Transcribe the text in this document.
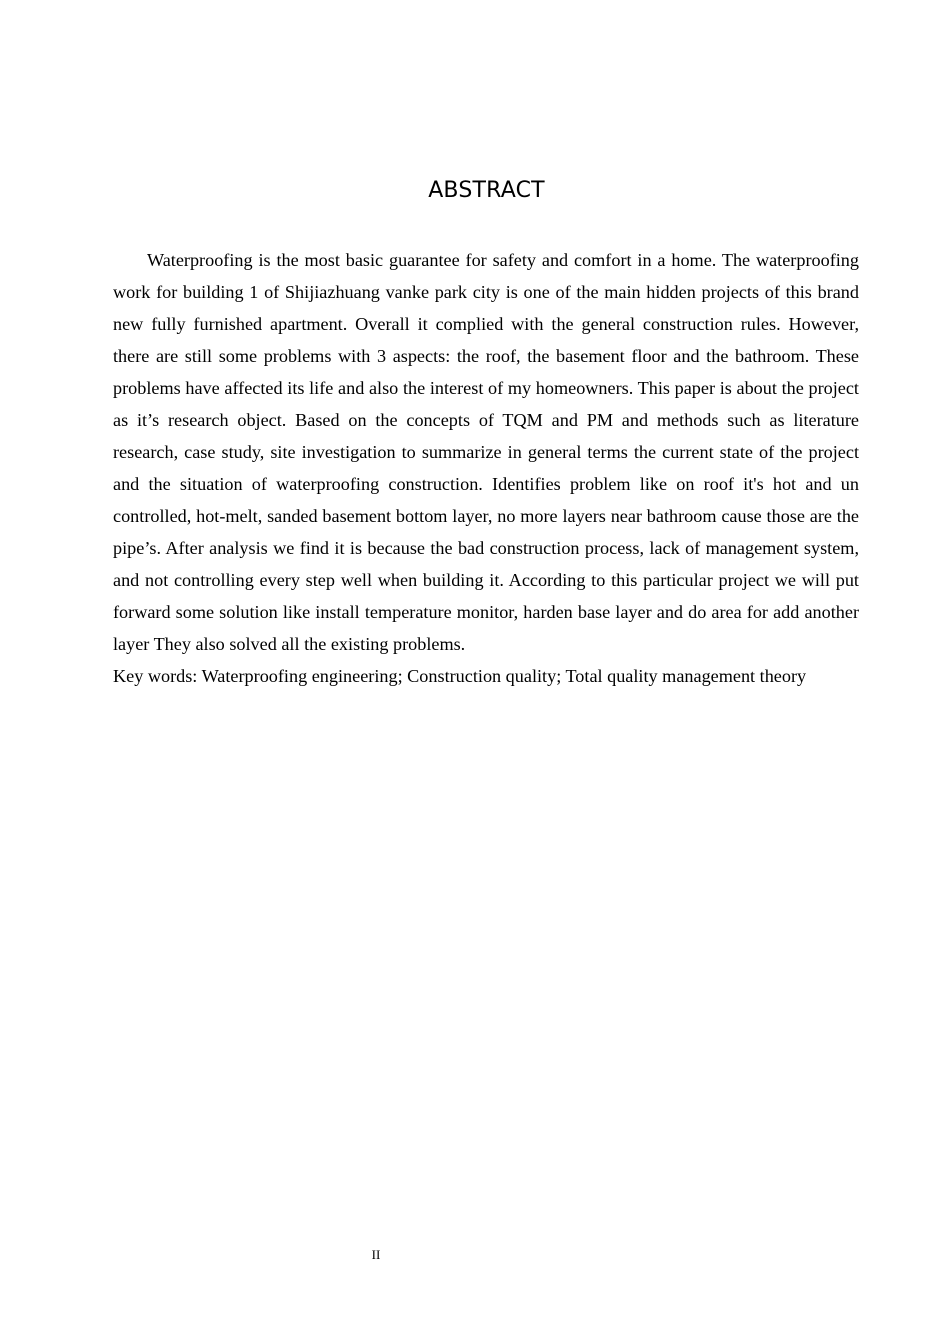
ABSTRACT

Waterproofing is the most basic guarantee for safety and comfort in a home. The waterproofing work for building 1 of Shijiazhuang vanke park city is one of the main hidden projects of this brand new fully furnished apartment. Overall it complied with the general construction rules. However, there are still some problems with 3 aspects: the roof, the basement floor and the bathroom. These problems have affected its life and also the interest of my homeowners. This paper is about the project as it’s research object. Based on the concepts of TQM and PM and methods such as literature research, case study, site investigation to summarize in general terms the current state of the project and the situation of waterproofing construction. Identifies problem like on roof it's hot and un controlled, hot-melt, sanded basement bottom layer, no more layers near bathroom cause those are the pipe’s. After analysis we find it is because the bad construction process, lack of management system, and not controlling every step well when building it. According to this particular project we will put forward some solution like install temperature monitor, harden base layer and do area for add another layer They also solved all the existing problems.

Key words: Waterproofing engineering; Construction quality; Total quality management theory

II
